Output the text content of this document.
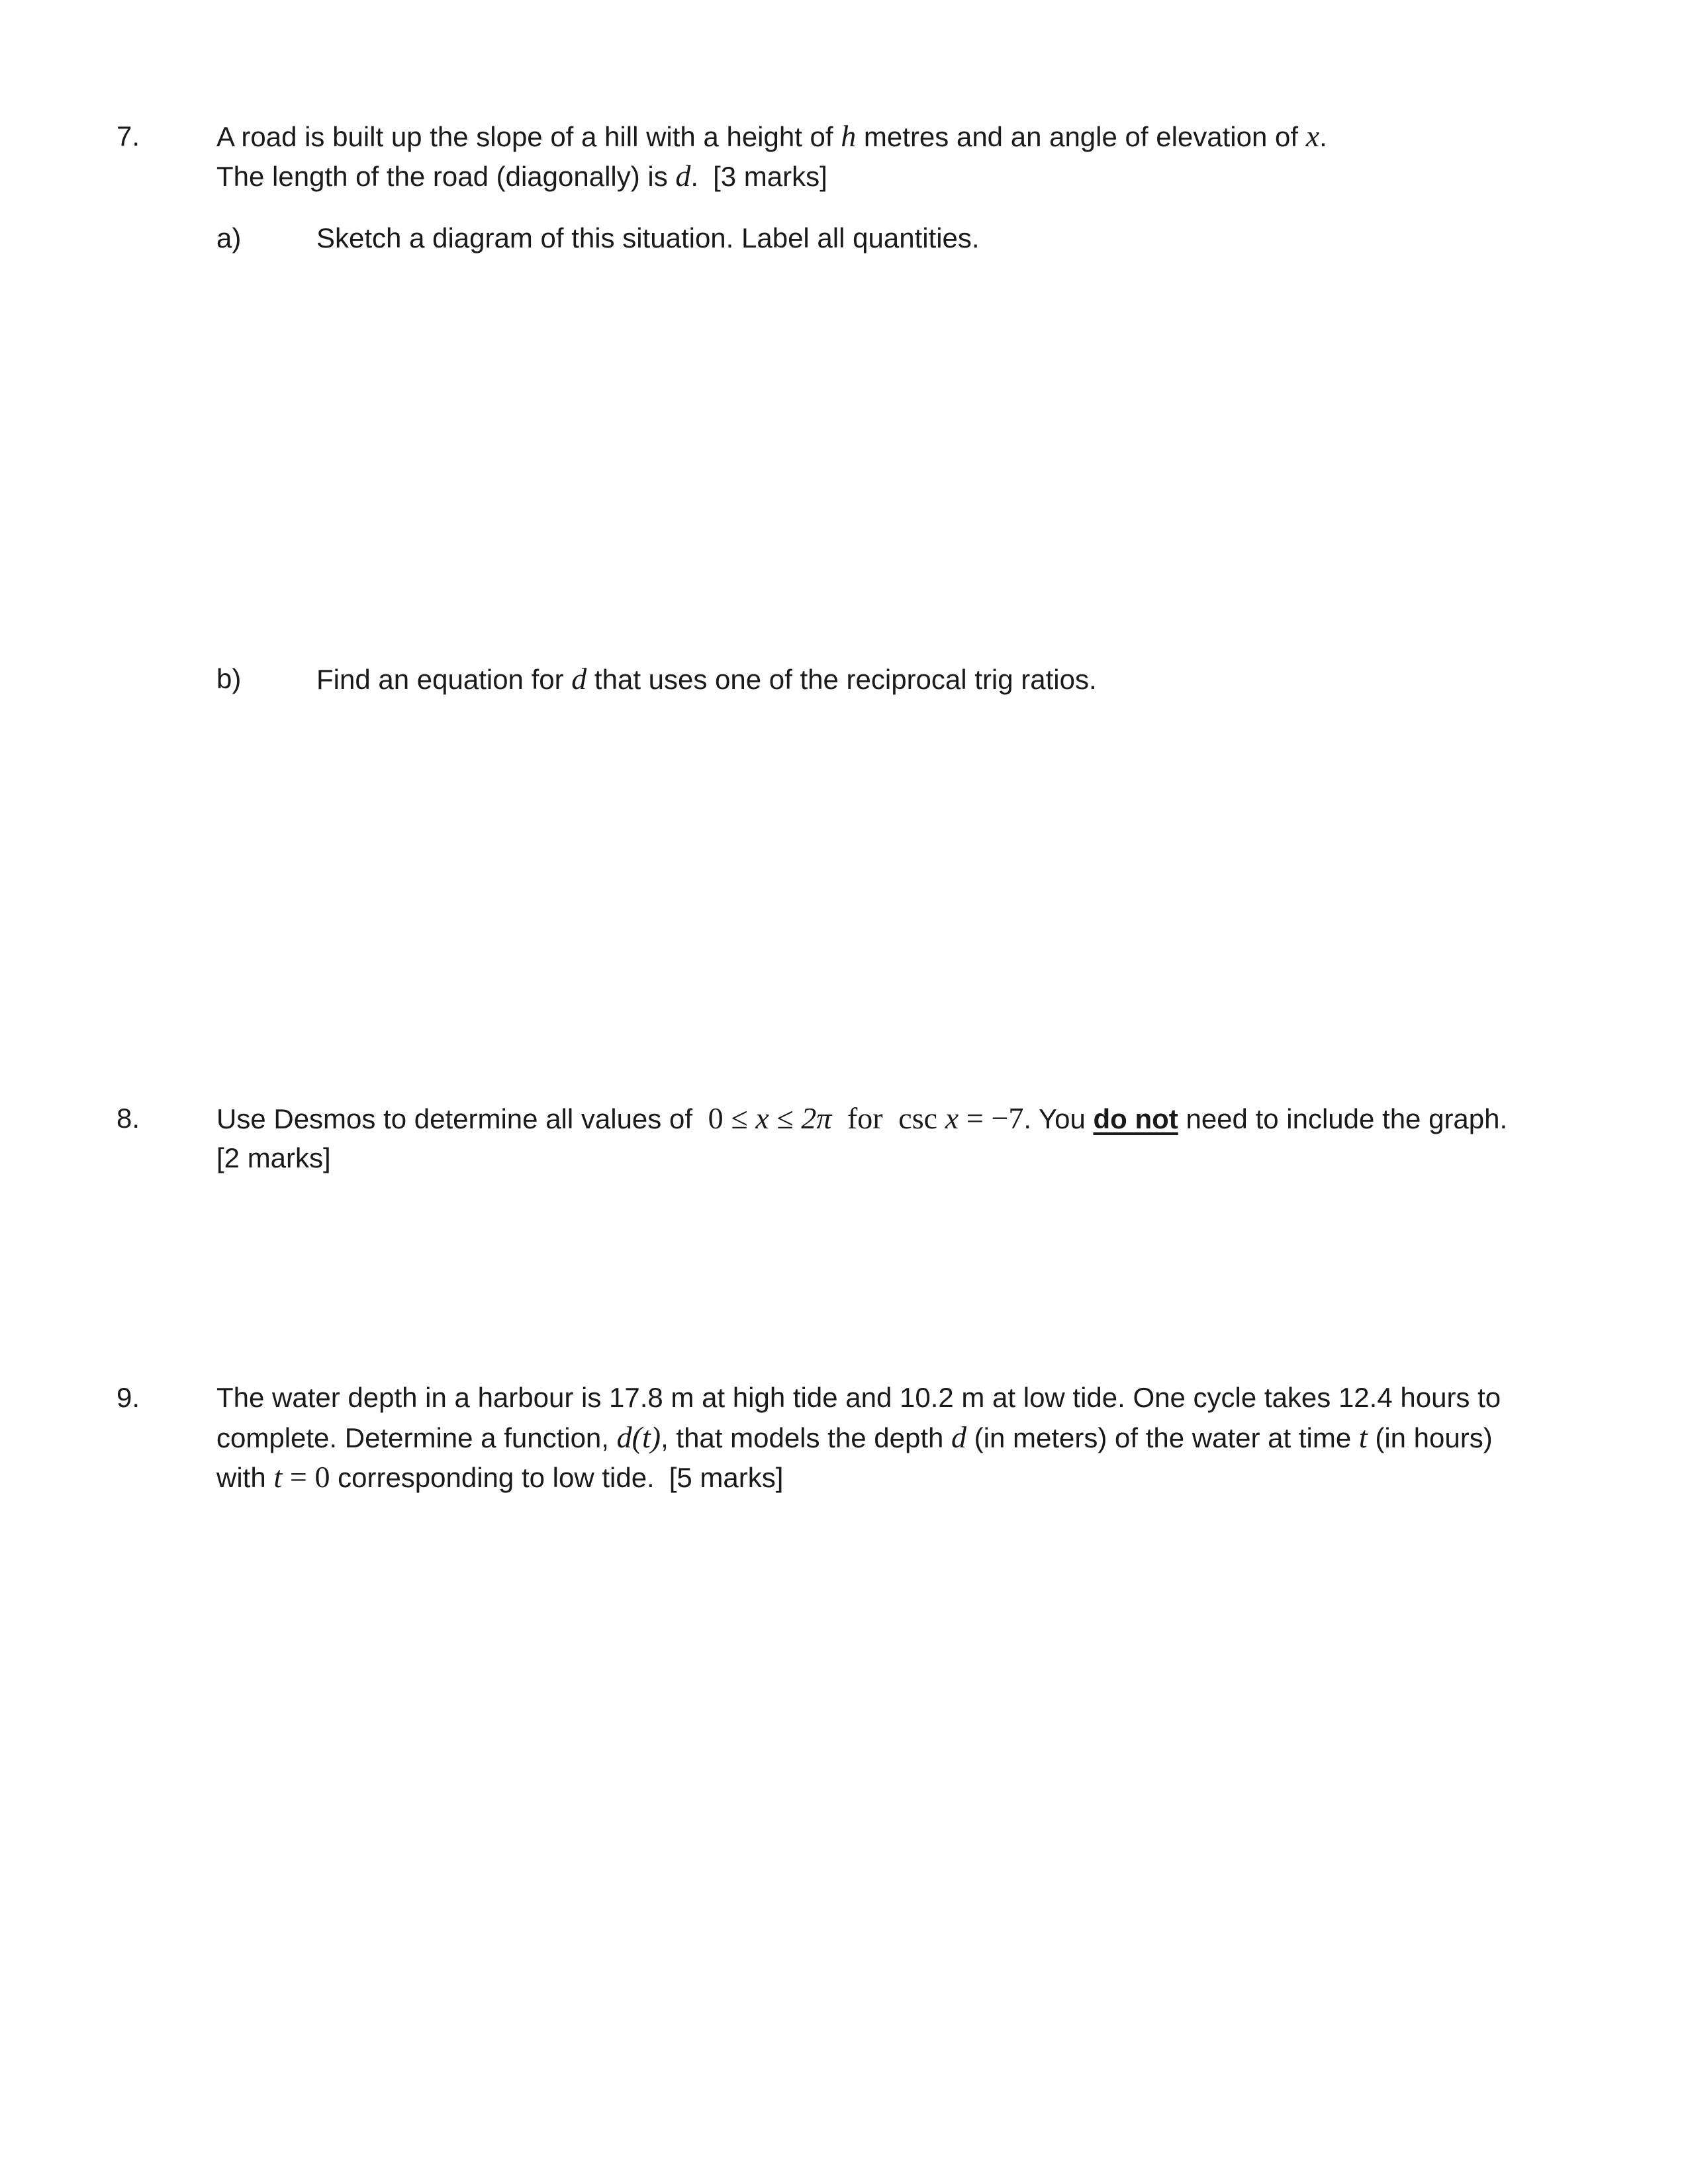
7.	A road is built up the slope of a hill with a height of h metres and an angle of elevation of x.
The length of the road (diagonally) is d. [3 marks]
a)	Sketch a diagram of this situation. Label all quantities.
b)	Find an equation for d that uses one of the reciprocal trig ratios.
8.	Use Desmos to determine all values of 0 ≤ x ≤ 2π for csc x = −7. You do not need to include the graph.
[2 marks]
9.	The water depth in a harbour is 17.8 m at high tide and 10.2 m at low tide. One cycle takes 12.4 hours to
complete. Determine a function, d(t), that models the depth d (in meters) of the water at time t (in hours)
with t = 0 corresponding to low tide. [5 marks]
